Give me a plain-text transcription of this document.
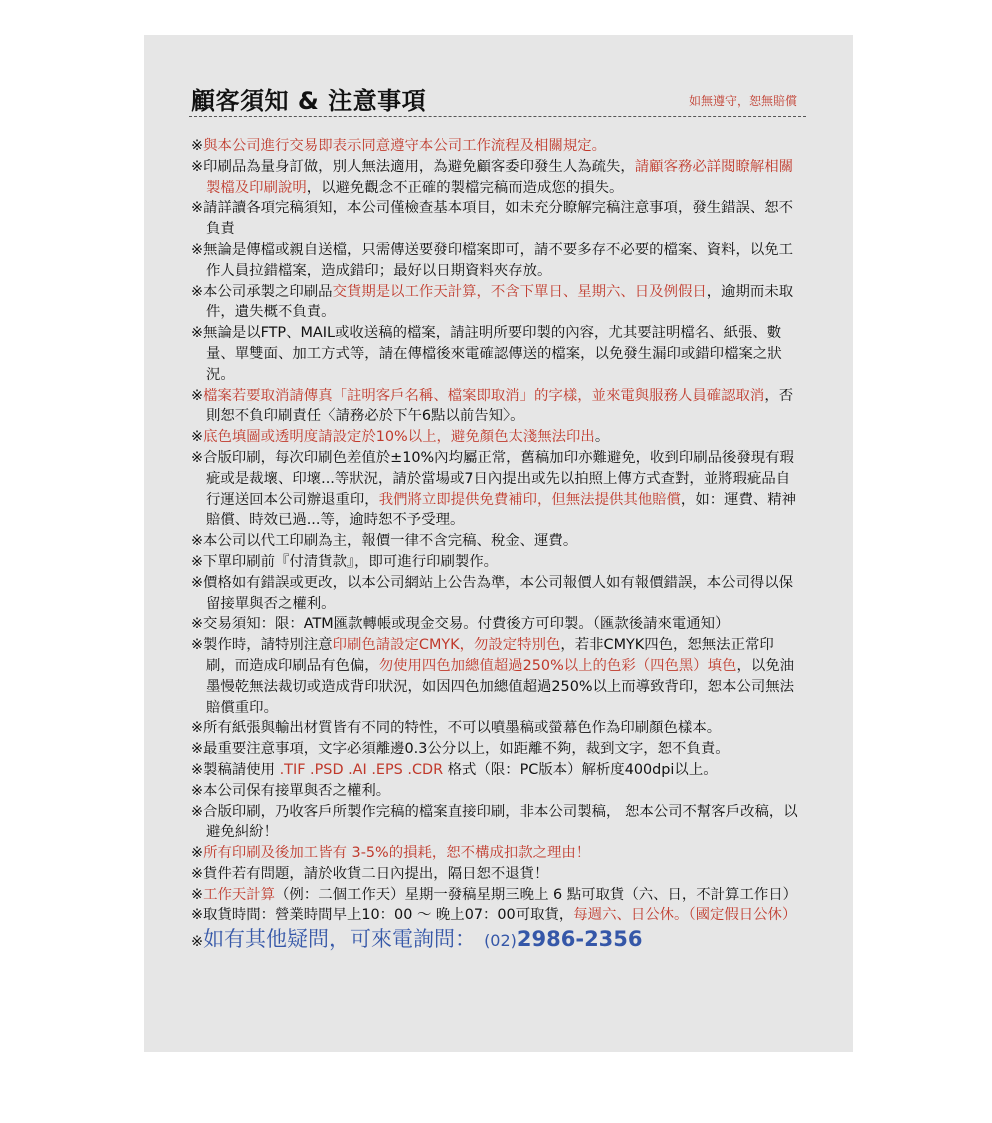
顧客須知 & 注意事項	如無遵守，恕無賠償
※與本公司進行交易即表示同意遵守本公司工作流程及相關規定。
※印刷品為量身訂做，別人無法適用，為避免顧客委印發生人為疏失，請顧客務必詳閱瞭解相關製檔及印刷說明，以避免觀念不正確的製檔完稿而造成您的損失。
※請詳讀各項完稿須知，本公司僅檢查基本項目，如未充分瞭解完稿注意事項，發生錯誤、恕不負責
※無論是傳檔或親自送檔，只需傳送要發印檔案即可，請不要多存不必要的檔案、資料，以免工作人員拉錯檔案，造成錯印；最好以日期資料夾存放。
※本公司承製之印刷品交貨期是以工作天計算，不含下單日、星期六、日及例假日，逾期而未取件，遺失概不負責。
※無論是以FTP、MAIL或收送稿的檔案，請註明所要印製的內容，尤其要註明檔名、紙張、數量、單雙面、加工方式等，請在傳檔後來電確認傳送的檔案，以免發生漏印或錯印檔案之狀況。
※檔案若要取消請傳真「註明客戶名稱、檔案即取消」的字樣，並來電與服務人員確認取消，否則恕不負印刷責任〈請務必於下午6點以前告知〉。
※底色填圖或透明度請設定於10%以上，避免顏色太淺無法印出。
※合版印刷，每次印刷色差值於±10%內均屬正常，舊稿加印亦難避免，收到印刷品後發現有瑕疵或是裁壞、印壞...等狀況，請於當場或7日內提出或先以拍照上傳方式查對，並將瑕疵品自行運送回本公司辦退重印，我們將立即提供免費補印，但無法提供其他賠償，如：運費、精神賠償、時效已過...等，逾時恕不予受理。
※本公司以代工印刷為主，報價一律不含完稿、稅金、運費。
※下單印刷前『付清貨款』，即可進行印刷製作。
※價格如有錯誤或更改，以本公司網站上公告為準，本公司報價人如有報價錯誤，本公司得以保留接單與否之權利。
※交易須知：限：ATM匯款轉帳或現金交易。付費後方可印製。（匯款後請來電通知）
※製作時，請特別注意印刷色請設定CMYK，勿設定特別色，若非CMYK四色，恕無法正常印刷，而造成印刷品有色偏，勿使用四色加總值超過250%以上的色彩（四色黑）填色，以免油墨慢乾無法裁切或造成背印狀況，如因四色加總值超過250%以上而導致背印，恕本公司無法賠償重印。
※所有紙張與輸出材質皆有不同的特性，不可以噴墨稿或螢幕色作為印刷顏色樣本。
※最重要注意事項，文字必須離邊0.3公分以上，如距離不夠，裁到文字，恕不負責。
※製稿請使用 .TIF .PSD .AI .EPS .CDR 格式（限：PC版本）解析度400dpi以上。
※本公司保有接單與否之權利。
※合版印刷，乃收客戶所製作完稿的檔案直接印刷，非本公司製稿， 恕本公司不幫客戶改稿，以避免糾紛！
※所有印刷及後加工皆有 3-5%的損耗，恕不構成扣款之理由！
※貨件若有問題，請於收貨二日內提出，隔日恕不退貨！
※工作天計算（例：二個工作天）星期一發稿星期三晚上 6 點可取貨（六、日，不計算工作日）
※取貨時間：營業時間早上10：00 ～ 晚上07：00可取貨，每週六、日公休。（國定假日公休）
※如有其他疑問，可來電詢問： (02)2986-2356
